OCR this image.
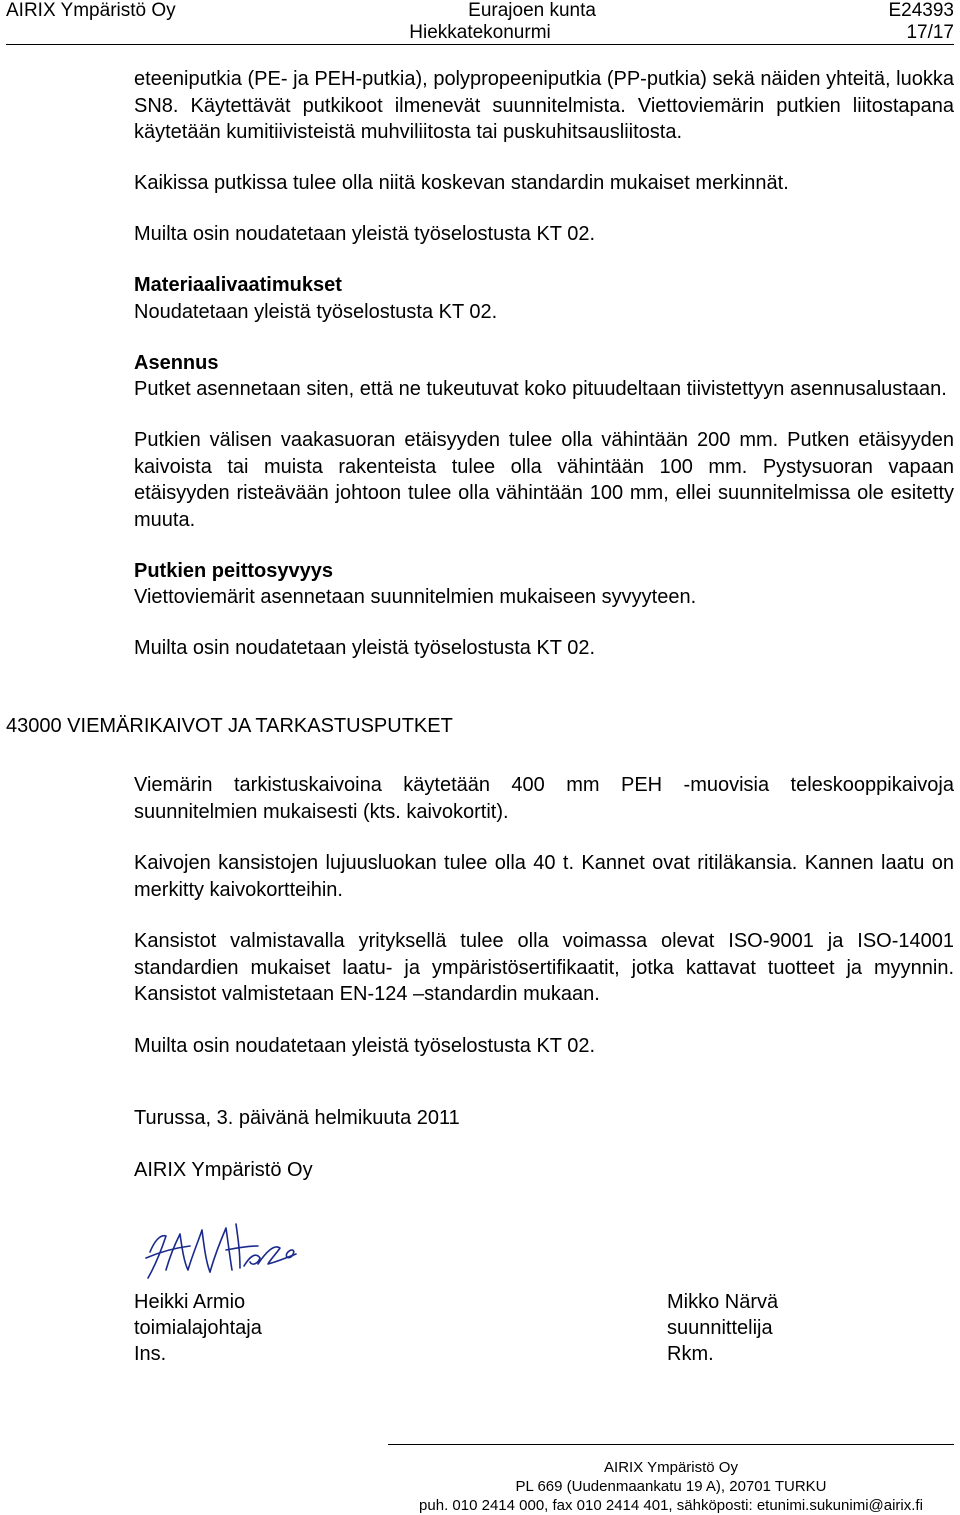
AIRIX Ympäristö Oy	Eurajoen kunta	E24393
Hiekkatekonurmi	17/17

eteeniputkia (PE- ja PEH-putkia), polypropeeniputkia (PP-putkia) sekä näiden yhteitä, luokka SN8. Käytettävät putkikoot ilmenevät suunnitelmista. Viettoviemärin putkien liitostapana käytetään kumitiivisteistä muhviliitosta tai puskuhitsausliitosta.

Kaikissa putkissa tulee olla niitä koskevan standardin mukaiset merkinnät.

Muilta osin noudatetaan yleistä työselostusta KT 02.

Materiaalivaatimukset

Noudatetaan yleistä työselostusta KT 02.

Asennus

Putket asennetaan siten, että ne tukeutuvat koko pituudeltaan tiivistettyyn asennusalustaan.

Putkien välisen vaakasuoran etäisyyden tulee olla vähintään 200 mm. Putken etäisyyden kaivoista tai muista rakenteista tulee olla vähintään 100 mm. Pystysuoran vapaan etäisyyden risteävään johtoon tulee olla vähintään 100 mm, ellei suunnitelmissa ole esitetty muuta.

Putkien peittosyvyys

Viettoviemärit asennetaan suunnitelmien mukaiseen syvyyteen.

Muilta osin noudatetaan yleistä työselostusta KT 02.

43000 VIEMÄRIKAIVOT JA TARKASTUSPUTKET

Viemärin tarkistuskaivoina käytetään 400 mm PEH -muovisia teleskooppikaivoja suunnitelmien mukaisesti (kts. kaivokortit).

Kaivojen kansistojen lujuusluokan tulee olla 40 t. Kannet ovat ritiläkansia. Kannen laatu on merkitty kaivokortteihin.

Kansistot valmistavalla yrityksellä tulee olla voimassa olevat ISO-9001 ja ISO-14001 standardien mukaiset laatu- ja ympäristösertifikaatit, jotka kattavat tuotteet ja myynnin. Kansistot valmistetaan EN-124 –standardin mukaan.

Muilta osin noudatetaan yleistä työselostusta KT 02.

Turussa, 3. päivänä helmikuuta 2011
AIRIX Ympäristö Oy
Heikki Armio
toimialajohtaja
Ins.
Mikko Närvä
suunnittelija
Rkm.
AIRIX Ympäristö Oy
PL 669 (Uudenmaankatu 19 A), 20701 TURKU
puh. 010 2414 000, fax 010 2414 401, sähköposti: etunimi.sukunimi@airix.fi
